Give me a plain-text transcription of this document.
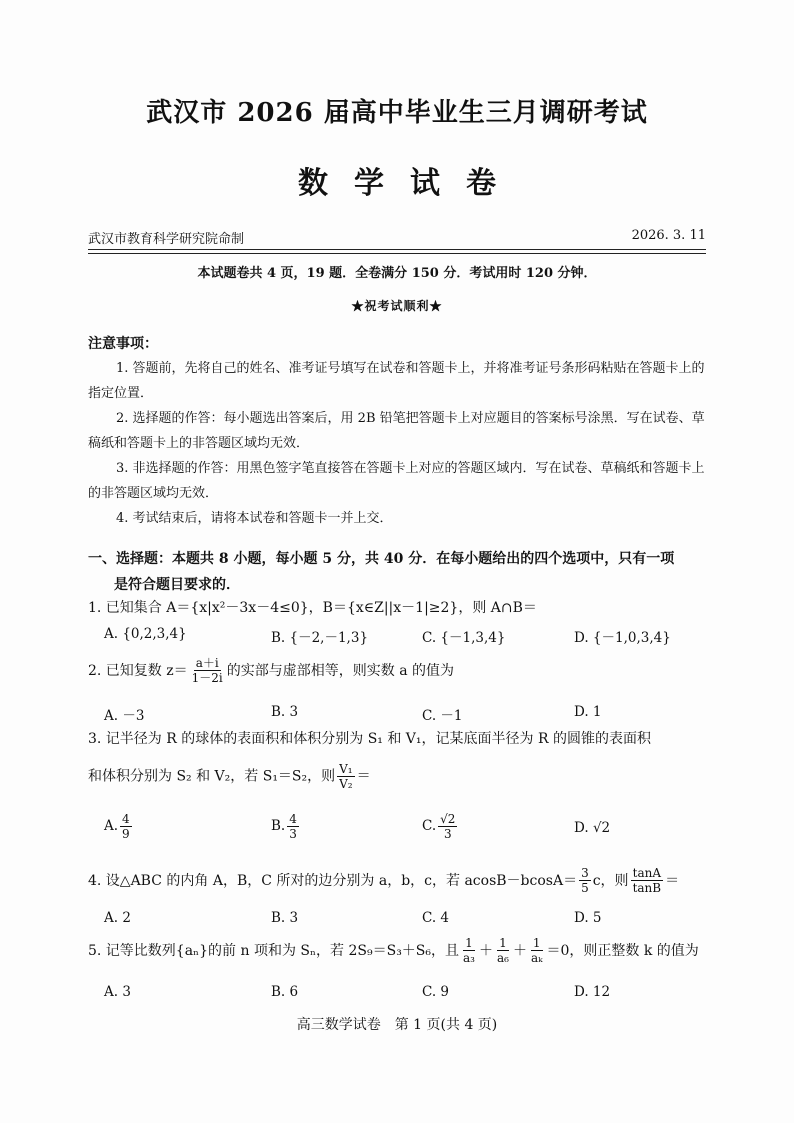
武汉市 2026 届高中毕业生三月调研考试
数学试卷
武汉市教育科学研究院命制	2026. 3. 11
本试题卷共 4 页，19 题．全卷满分 150 分．考试用时 120 分钟．
★祝考试顺利★
注意事项：

1. 答题前，先将自己的姓名、准考证号填写在试卷和答题卡上，并将准考证号条形码粘贴在答题卡上的指定位置．

2. 选择题的作答：每小题选出答案后，用 2B 铅笔把答题卡上对应题目的答案标号涂黑．写在试卷、草稿纸和答题卡上的非答题区域均无效．

3. 非选择题的作答：用黑色签字笔直接答在答题卡上对应的答题区域内．写在试卷、草稿纸和答题卡上的非答题区域均无效．

4. 考试结束后，请将本试卷和答题卡一并上交．

一、选择题：本题共 8 小题，每小题 5 分，共 40 分．在每小题给出的四个选项中，只有一项
是符合题目要求的．
1. 已知集合 A＝{x|x²－3x－4≤0}，B＝{x∈Z||x－1|≥2}，则 A∩B＝
A. {0,2,3,4}	B. {－2,－1,3}	C. {－1,3,4}	D. {－1,0,3,4}
2. 已知复数 $z= \frac{a+i}{1-2i}$ 的实部与虚部相等，则实数 a 的值为
A. －3	B. 3	C. －1	D. 1
3. 记半径为 R 的球体的表面积和体积分别为 S₁ 和 V₁，记某底面半径为 R 的圆锥的表面积
和体积分别为 S₂ 和 V₂，若 S₁＝S₂，则 $\frac{\text{V₁}}{\text{V₂}}$ ＝
A. $\frac{4}{9}$	B. $\frac{4}{3}$	C. $\frac{√2}{3}$	D. √2
4. 设△ABC 的内角 A，B，C 所对的边分别为 a，b，c，若 $acosB-bcosA= \frac{3}{5}$ c，则 $\frac{\tan A}{\tan B}$ ＝
A. 2	B. 3	C. 4	D. 5
5. 记等比数列{aₙ}的前 n 项和为 Sₙ，若 2S₉＝S₃＋S₆，且 $\frac{1}{\text{a₃}} + \frac{1}{\text{a₆}} + \frac{1}{\text{aₖ}} =0$，则正整数 k 的值为
A. 3	B. 6	C. 9	D. 12
高三数学试卷　第 1 页(共 4 页)
